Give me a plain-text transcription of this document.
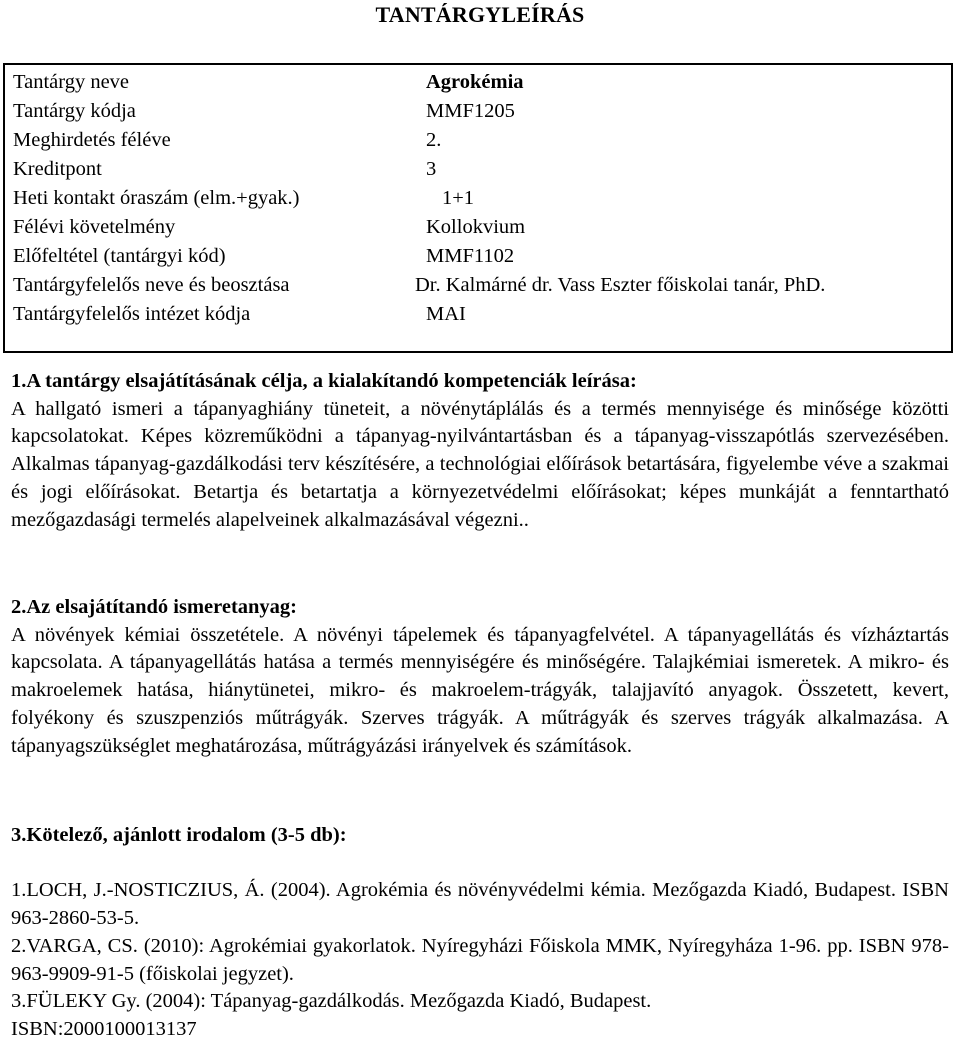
TANTÁRGYLEÍRÁS
Tantárgy neve	Agrokémia
Tantárgy kódja	MMF1205
Meghirdetés féléve	2.
Kreditpont	3
Heti kontakt óraszám (elm.+gyak.)	1+1
Félévi követelmény	Kollokvium
Előfeltétel (tantárgyi kód)	MMF1102
Tantárgyfelelős neve és beosztása	Dr. Kalmárné dr. Vass Eszter főiskolai tanár, PhD.
Tantárgyfelelős intézet kódja	MAI
1.A tantárgy elsajátításának célja, a kialakítandó kompetenciák leírása:

A hallgató ismeri a tápanyaghiány tüneteit, a növénytáplálás és a termés mennyisége és minősége közötti kapcsolatokat. Képes közreműködni a tápanyag-nyilvántartásban és a tápanyag-visszapótlás szervezésében. Alkalmas tápanyag-gazdálkodási terv készítésére, a technológiai előírások betartására, figyelembe véve a szakmai és jogi előírásokat. Betartja és betartatja a környezetvédelmi előírásokat; képes munkáját a fenntartható mezőgazdasági termelés alapelveinek alkalmazásával végezni..

2.Az elsajátítandó ismeretanyag:

A növények kémiai összetétele. A növényi tápelemek és tápanyagfelvétel. A tápanyagellátás és vízháztartás kapcsolata. A tápanyagellátás hatása a termés mennyiségére és minőségére. Talajkémiai ismeretek. A mikro- és makroelemek hatása, hiánytünetei, mikro- és makroelem-trágyák, talajjavító anyagok. Összetett, kevert, folyékony és szuszpenziós műtrágyák. Szerves trágyák. A műtrágyák és szerves trágyák alkalmazása. A tápanyagszükséglet meghatározása, műtrágyázási irányelvek és számítások.

3.Kötelező, ajánlott irodalom (3-5 db):

1.LOCH, J.-NOSTICZIUS, Á. (2004). Agrokémia és növényvédelmi kémia. Mezőgazda Kiadó, Budapest. ISBN 963-2860-53-5.

2.VARGA, CS. (2010): Agrokémiai gyakorlatok. Nyíregyházi Főiskola MMK, Nyíregyháza 1-96. pp. ISBN 978-963-9909-91-5 (főiskolai jegyzet).

3.FÜLEKY Gy. (2004): Tápanyag-gazdálkodás. Mezőgazda Kiadó, Budapest. ISBN:2000100013137
